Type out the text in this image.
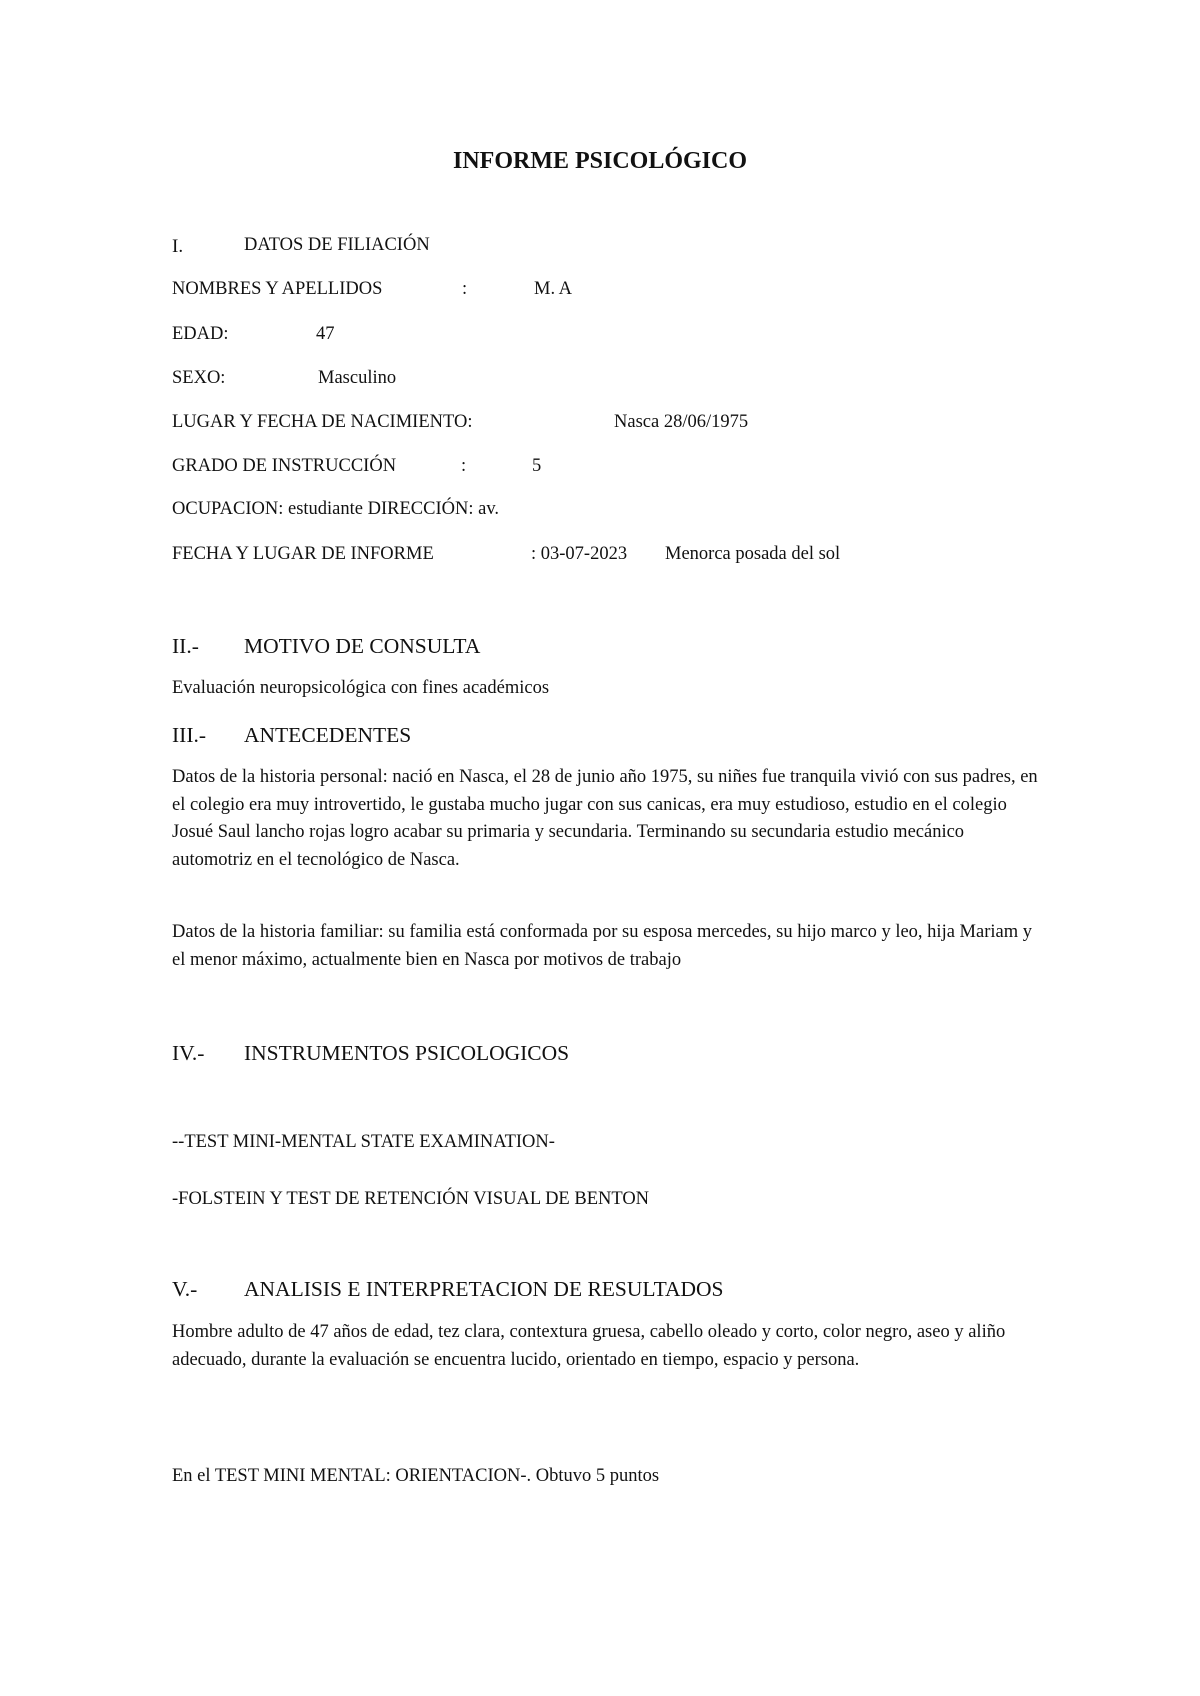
INFORME PSICOLÓGICO
I.	DATOS DE FILIACIÓN
NOMBRES Y APELLIDOS	:	M. A
EDAD:	47
SEXO:	Masculino
LUGAR Y FECHA DE NACIMIENTO:	Nasca 28/06/1975
GRADO DE INSTRUCCIÓN	:	5
OCUPACION: estudiante DIRECCIÓN: av.
FECHA Y LUGAR DE INFORME	: 03-07-2023 Menorca posada del sol
II.- MOTIVO DE CONSULTA
Evaluación neuropsicológica con fines académicos
III.- ANTECEDENTES
Datos de la historia personal: nació en Nasca, el 28 de junio año 1975, su niñes fue tranquila vivió con sus padres, en el colegio era muy introvertido, le gustaba mucho jugar con sus canicas, era muy estudioso, estudio en el colegio Josué Saul lancho rojas logro acabar su primaria y secundaria. Terminando su secundaria estudio mecánico automotriz en el tecnológico de Nasca.
Datos de la historia familiar: su familia está conformada por su esposa mercedes, su hijo marco y leo, hija Mariam y el menor máximo, actualmente bien en Nasca por motivos de trabajo
IV.- INSTRUMENTOS PSICOLOGICOS
--TEST MINI-MENTAL STATE EXAMINATION-
-FOLSTEIN Y TEST DE RETENCIÓN VISUAL DE BENTON
V.- ANALISIS E INTERPRETACION DE RESULTADOS
Hombre adulto de 47 años de edad, tez clara, contextura gruesa, cabello oleado y corto, color negro, aseo y aliño adecuado, durante la evaluación se encuentra lucido, orientado en tiempo, espacio y persona.
En el TEST MINI MENTAL: ORIENTACION-. Obtuvo 5 puntos
